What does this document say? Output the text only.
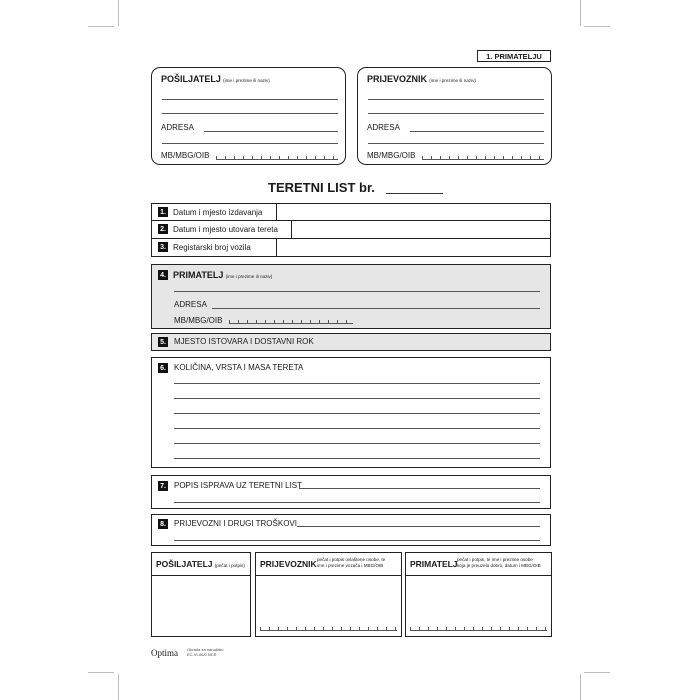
1. PRIMATELJU
POŠILJATELJ (ime i prezime ili naziv)
ADRESA
MB/MBG/OIB
PRIJEVOZNIK (ime i prezime ili naziv)
ADRESA
MB/MBG/OIB
TERETNI LIST br.
1. Datum i mjesto izdavanja
2. Datum i mjesto utovara tereta
3. Registarski broj vozila
4. PRIMATELJ (ime i prezime ili naziv)
ADRESA
MB/MBG/OIB
5. MJESTO ISTOVARA I DOSTAVNI ROK
6. KOLIČINA, VRSTA I MASA TERETA
7. POPIS ISPRAVA UZ TERETNI LIST
8. PRIJEVOZNI I DRUGI TROŠKOVI
POŠILJATELJ (pečat i potpis) PRIJEVOZNIK pečat i potpis ovlaštene osobe, te
ime i prezime vozača i MBG/OIB	PRIMATELJ pečat i potpis, te ime i prezime osobe
koja je preuzela dobro, datum i MBG/OIB
Optima Obrada za narudžbu
EC-VI-06/0 NCR
